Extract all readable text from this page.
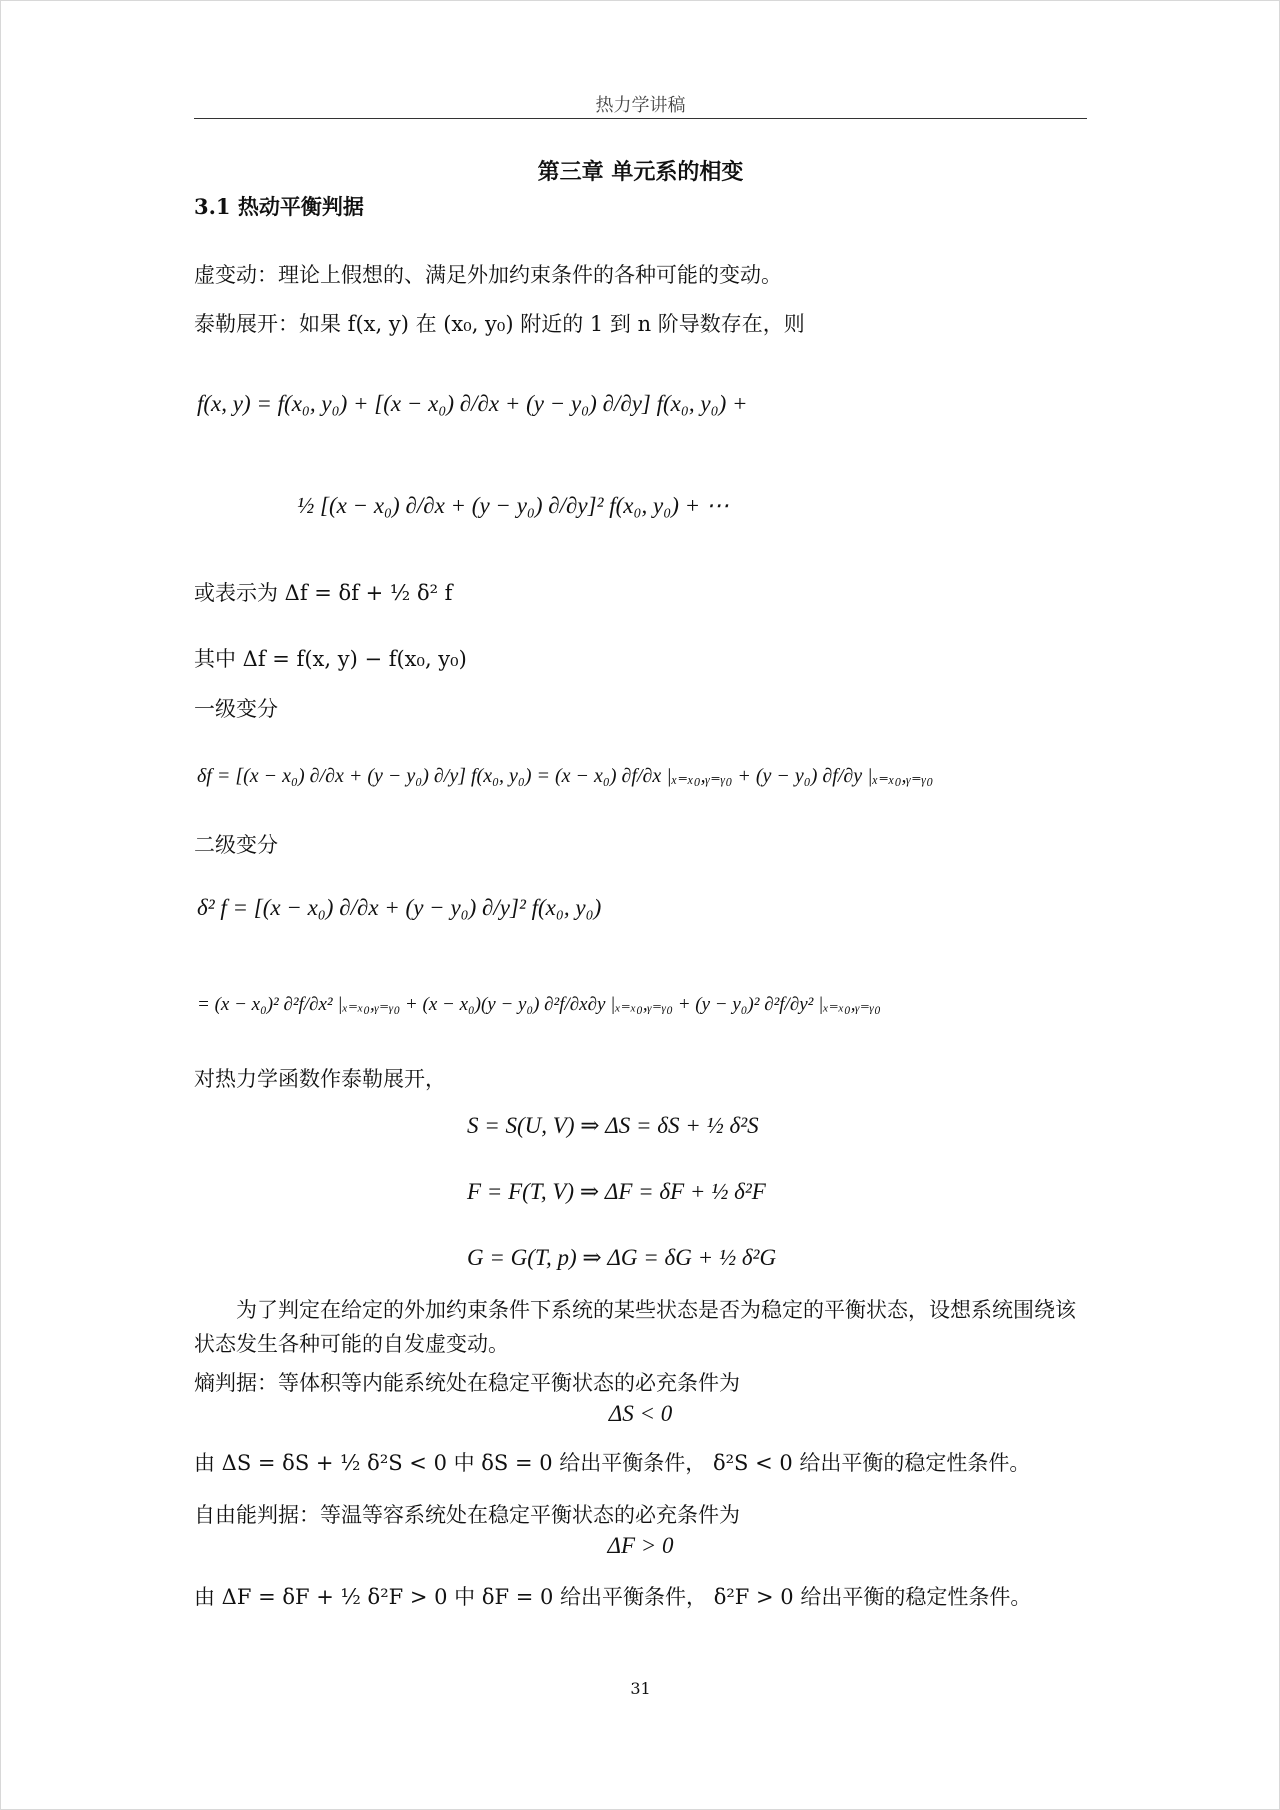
热力学讲稿
第三章 单元系的相变
3.1 热动平衡判据
虚变动：理论上假想的、满足外加约束条件的各种可能的变动。
泰勒展开：如果 f(x, y) 在 (x₀, y₀) 附近的 1 到 n 阶导数存在，则
f(x, y) = f(x₀, y₀) + [(x − x₀) ∂/∂x + (y − y₀) ∂/∂y] f(x₀, y₀) +
½ [(x − x₀) ∂/∂x + (y − y₀) ∂/∂y]² f(x₀, y₀) + ⋯
或表示为 Δf = δf + ½ δ² f
其中 Δf = f(x, y) − f(x₀, y₀)
一级变分
δf = [(x − x₀) ∂/∂x + (y − y₀) ∂/y] f(x₀, y₀) = (x − x₀) ∂f/∂x |ₓ₌ₓ₀,ᵧ₌ᵧ₀ + (y − y₀) ∂f/∂y |ₓ₌ₓ₀,ᵧ₌ᵧ₀
二级变分
δ² f = [(x − x₀) ∂/∂x + (y − y₀) ∂/y]² f(x₀, y₀)
= (x − x₀)² ∂²f/∂x² |ₓ₌ₓ₀,ᵧ₌ᵧ₀ + (x − x₀)(y − y₀) ∂²f/∂x∂y |ₓ₌ₓ₀,ᵧ₌ᵧ₀ + (y − y₀)² ∂²f/∂y² |ₓ₌ₓ₀,ᵧ₌ᵧ₀
对热力学函数作泰勒展开，
S = S(U, V) ⇒ ΔS = δS + ½ δ²S
F = F(T, V) ⇒ ΔF = δF + ½ δ²F
G = G(T, p) ⇒ ΔG = δG + ½ δ²G
为了判定在给定的外加约束条件下系统的某些状态是否为稳定的平衡状态，设想系统围绕该状态发生各种可能的自发虚变动。
熵判据：等体积等内能系统处在稳定平衡状态的必充条件为
ΔS < 0
由 ΔS = δS + ½ δ²S < 0 中 δS = 0 给出平衡条件， δ²S < 0 给出平衡的稳定性条件。
自由能判据：等温等容系统处在稳定平衡状态的必充条件为
ΔF > 0
由 ΔF = δF + ½ δ²F > 0 中 δF = 0 给出平衡条件， δ²F > 0 给出平衡的稳定性条件。
31
